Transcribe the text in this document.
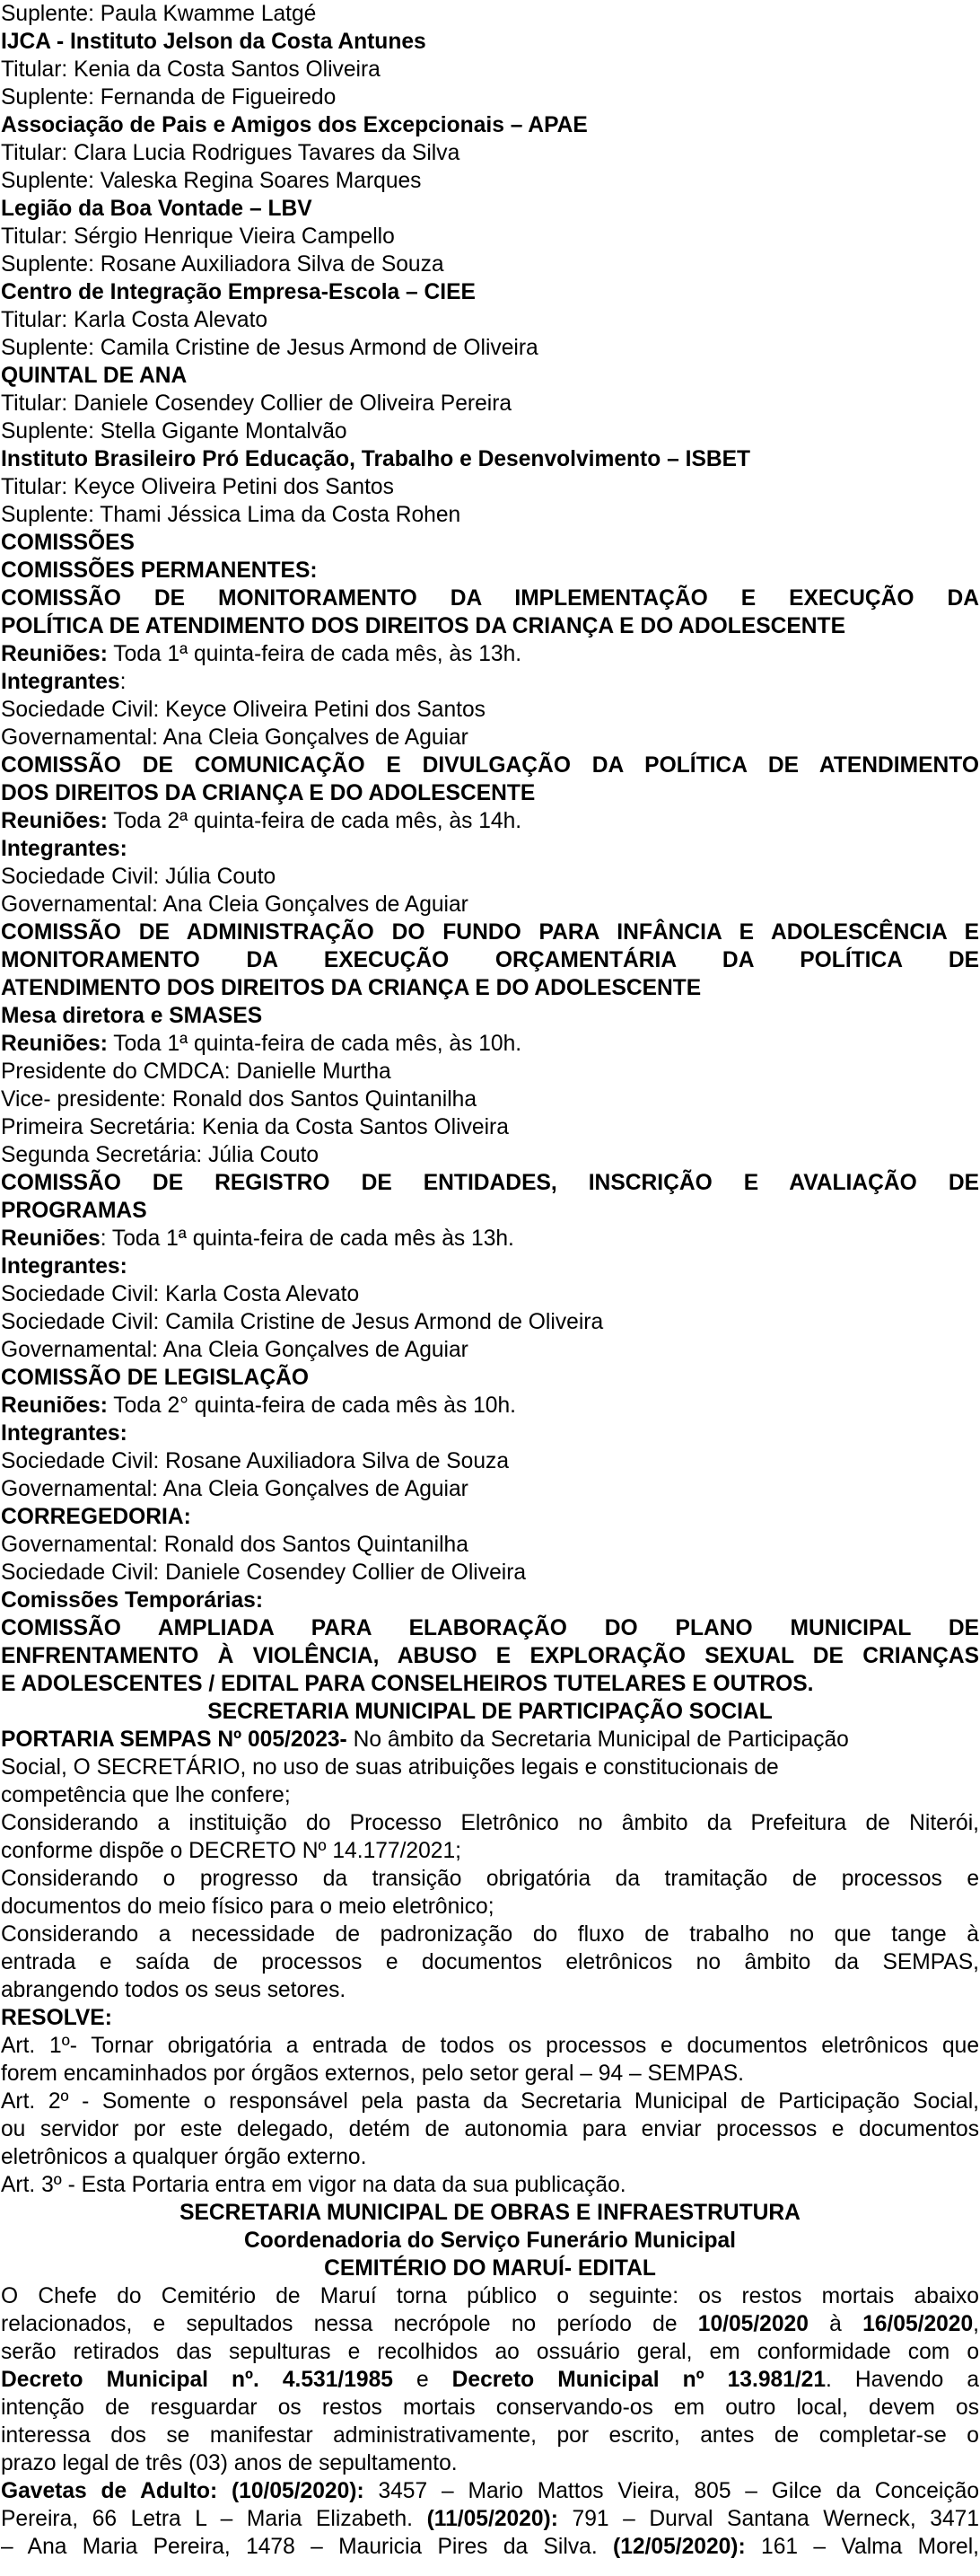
Suplente: Paula Kwamme Latgé
IJCA - Instituto Jelson da Costa Antunes
Titular: Kenia da Costa Santos Oliveira
Suplente: Fernanda de Figueiredo
Associação de Pais e Amigos dos Excepcionais – APAE
Titular: Clara Lucia Rodrigues Tavares da Silva
Suplente: Valeska Regina Soares Marques
Legião da Boa Vontade – LBV
Titular: Sérgio Henrique Vieira Campello
Suplente: Rosane Auxiliadora Silva de Souza
Centro de Integração Empresa-Escola – CIEE
Titular: Karla Costa Alevato
Suplente: Camila Cristine de Jesus Armond de Oliveira
QUINTAL DE ANA
Titular: Daniele Cosendey Collier de Oliveira Pereira
Suplente: Stella Gigante Montalvão
Instituto Brasileiro Pró Educação, Trabalho e Desenvolvimento – ISBET
Titular: Keyce Oliveira Petini dos Santos
Suplente: Thami Jéssica Lima da Costa Rohen
COMISSÕES
COMISSÕES PERMANENTES:
COMISSÃO DE MONITORAMENTO DA IMPLEMENTAÇÃO E EXECUÇÃO DA
POLÍTICA DE ATENDIMENTO DOS DIREITOS DA CRIANÇA E DO ADOLESCENTE
Reuniões: Toda 1ª quinta-feira de cada mês, às 13h.
Integrantes:
Sociedade Civil: Keyce Oliveira Petini dos Santos
Governamental: Ana Cleia Gonçalves de Aguiar
COMISSÃO DE COMUNICAÇÃO E DIVULGAÇÃO DA POLÍTICA DE ATENDIMENTO
DOS DIREITOS DA CRIANÇA E DO ADOLESCENTE
Reuniões: Toda 2ª quinta-feira de cada mês, às 14h.
Integrantes:
Sociedade Civil: Júlia Couto
Governamental: Ana Cleia Gonçalves de Aguiar
COMISSÃO DE ADMINISTRAÇÃO DO FUNDO PARA INFÂNCIA E ADOLESCÊNCIA E
MONITORAMENTO DA EXECUÇÃO ORÇAMENTÁRIA DA POLÍTICA DE
ATENDIMENTO DOS DIREITOS DA CRIANÇA E DO ADOLESCENTE
Mesa diretora e SMASES
Reuniões: Toda 1ª quinta-feira de cada mês, às 10h.
Presidente do CMDCA: Danielle Murtha
Vice- presidente: Ronald dos Santos Quintanilha
Primeira Secretária: Kenia da Costa Santos Oliveira
Segunda Secretária: Júlia Couto
COMISSÃO DE REGISTRO DE ENTIDADES, INSCRIÇÃO E AVALIAÇÃO DE
PROGRAMAS
Reuniões: Toda 1ª quinta-feira de cada mês às 13h.
Integrantes:
Sociedade Civil: Karla Costa Alevato
Sociedade Civil: Camila Cristine de Jesus Armond de Oliveira
Governamental: Ana Cleia Gonçalves de Aguiar
COMISSÃO DE LEGISLAÇÃO
Reuniões: Toda 2° quinta-feira de cada mês às 10h.
Integrantes:
Sociedade Civil: Rosane Auxiliadora Silva de Souza
Governamental: Ana Cleia Gonçalves de Aguiar
CORREGEDORIA:
Governamental: Ronald dos Santos Quintanilha
Sociedade Civil: Daniele Cosendey Collier de Oliveira
Comissões Temporárias:
COMISSÃO AMPLIADA PARA ELABORAÇÃO DO PLANO MUNICIPAL DE
ENFRENTAMENTO À VIOLÊNCIA, ABUSO E EXPLORAÇÃO SEXUAL DE CRIANÇAS
E ADOLESCENTES / EDITAL PARA CONSELHEIROS TUTELARES E OUTROS.
SECRETARIA MUNICIPAL DE PARTICIPAÇÃO SOCIAL
PORTARIA SEMPAS Nº 005/2023- No âmbito da Secretaria Municipal de Participação
Social, O SECRETÁRIO, no uso de suas atribuições legais e constitucionais de
competência que lhe confere;
Considerando a instituição do Processo Eletrônico no âmbito da Prefeitura de Niterói,
conforme dispõe o DECRETO Nº 14.177/2021;
Considerando o progresso da transição obrigatória da tramitação de processos e
documentos do meio físico para o meio eletrônico;
Considerando a necessidade de padronização do fluxo de trabalho no que tange à
entrada e saída de processos e documentos eletrônicos no âmbito da SEMPAS,
abrangendo todos os seus setores.
RESOLVE:
Art. 1º- Tornar obrigatória a entrada de todos os processos e documentos eletrônicos que
forem encaminhados por órgãos externos, pelo setor geral – 94 – SEMPAS.
Art. 2º - Somente o responsável pela pasta da Secretaria Municipal de Participação Social,
ou servidor por este delegado, detém de autonomia para enviar processos e documentos
eletrônicos a qualquer órgão externo.
Art. 3º - Esta Portaria entra em vigor na data da sua publicação.
SECRETARIA MUNICIPAL DE OBRAS E INFRAESTRUTURA
Coordenadoria do Serviço Funerário Municipal
CEMITÉRIO DO MARUÍ- EDITAL
O Chefe do Cemitério de Maruí torna público o seguinte: os restos mortais abaixo
relacionados, e sepultados nessa necrópole no período de 10/05/2020 à 16/05/2020,
serão retirados das sepulturas e recolhidos ao ossuário geral, em conformidade com o
Decreto Municipal nº. 4.531/1985 e Decreto Municipal nº 13.981/21. Havendo a
intenção de resguardar os restos mortais conservando-os em outro local, devem os
interessa dos se manifestar administrativamente, por escrito, antes de completar-se o
prazo legal de três (03) anos de sepultamento.
Gavetas de Adulto: (10/05/2020): 3457 – Mario Mattos Vieira, 805 – Gilce da Conceição
Pereira, 66 Letra L – Maria Elizabeth. (11/05/2020): 791 – Durval Santana Werneck, 3471
– Ana Maria Pereira, 1478 – Mauricia Pires da Silva. (12/05/2020): 161 – Valma Morel,
